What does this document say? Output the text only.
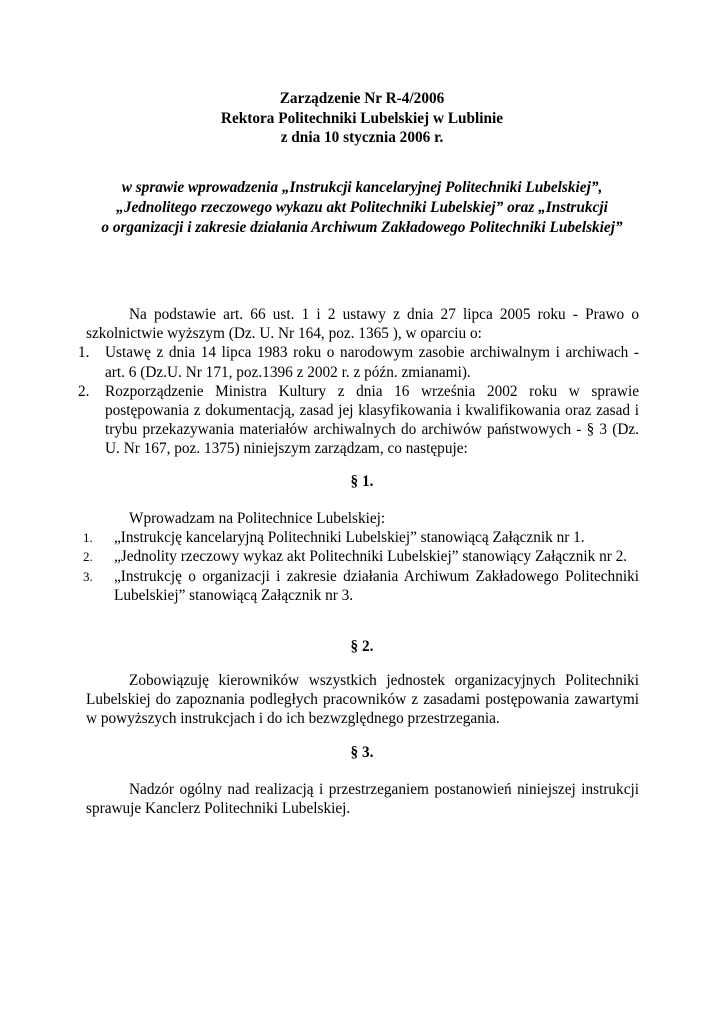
Zarządzenie Nr R-4/2006
Rektora Politechniki Lubelskiej w Lublinie
z dnia 10 stycznia 2006 r.
w sprawie wprowadzenia „Instrukcji kancelaryjnej Politechniki Lubelskiej”,
„Jednolitego rzeczowego wykazu akt Politechniki Lubelskiej” oraz „Instrukcji
o organizacji i zakresie działania Archiwum Zakładowego Politechniki Lubelskiej”

Na podstawie art. 66 ust. 1 i 2 ustawy z dnia 27 lipca 2005 roku - Prawo o szkolnictwie wyższym (Dz. U. Nr 164, poz. 1365 ), w oparciu o:

1.	Ustawę z dnia 14 lipca 1983 roku o narodowym zasobie archiwalnym i archiwach - art. 6 (Dz.U. Nr 171, poz.1396 z 2002 r. z późn. zmianami).
2.	Rozporządzenie Ministra Kultury z dnia 16 września 2002 roku w sprawie postępowania z dokumentacją, zasad jej klasyfikowania i kwalifikowania oraz zasad i trybu przekazywania materiałów archiwalnych do archiwów państwowych - § 3 (Dz. U. Nr 167, poz. 1375) niniejszym zarządzam, co następuje:
§ 1.

Wprowadzam na Politechnice Lubelskiej:

1.	„Instrukcję kancelaryjną Politechniki Lubelskiej” stanowiącą Załącznik nr 1.
2.	„Jednolity rzeczowy wykaz akt Politechniki Lubelskiej” stanowiący Załącznik nr 2.
3.	„Instrukcję o organizacji i zakresie działania Archiwum Zakładowego Politechniki Lubelskiej” stanowiącą Załącznik nr 3.
§ 2.

Zobowiązuję kierowników wszystkich jednostek organizacyjnych Politechniki Lubelskiej do zapoznania podległych pracowników z zasadami postępowania zawartymi w powyższych instrukcjach i do ich bezwzględnego przestrzegania.

§ 3.

Nadzór ogólny nad realizacją i przestrzeganiem postanowień niniejszej instrukcji sprawuje Kanclerz Politechniki Lubelskiej.
